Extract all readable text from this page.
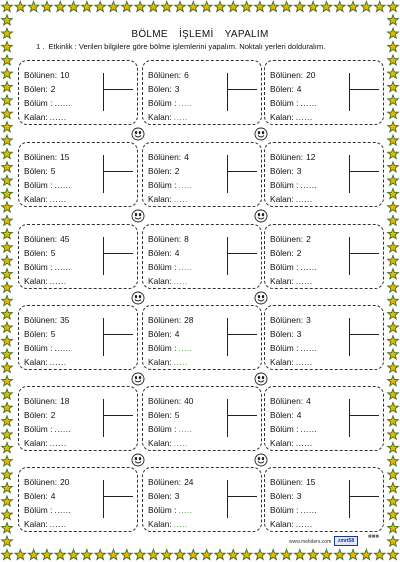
BÖLME İŞLEMİ YAPALIM
1 . Etkinlik : Verilen bilgilere göre bölme işlemlerini yapalım. Noktalı yerleri dolduralım.
Bölünen: 10
Bölen: 2
Bölüm : ......
Kalan: ......
Bölünen: 6
Bölen: 3
Bölüm : .....
Kalan: .....
Bölünen: 20
Bölen: 4
Bölüm : ......
Kalan: ......
Bölünen: 15
Bölen: 5
Bölüm : ......
Kalan: ......
Bölünen: 4
Bölen: 2
Bölüm : .....
Kalan: .....
Bölünen: 12
Bölen: 3
Bölüm : ......
Kalan: ......
Bölünen: 45
Bölen: 5
Bölüm : ......
Kalan: ......
Bölünen: 8
Bölen: 4
Bölüm : .....
Kalan: .....
Bölünen: 2
Bölen: 2
Bölüm : ......
Kalan: ......
Bölünen: 35
Bölen: 5
Bölüm : ......
Kalan: ......
Bölünen: 28
Bölen: 4
Bölüm : .....
Kalan: .....
Bölünen: 3
Bölen: 3
Bölüm : ......
Kalan: ......
Bölünen: 18
Bölen: 2
Bölüm : ......
Kalan: ......
Bölünen: 40
Bölen: 5
Bölüm : .....
Kalan: .....
Bölünen: 4
Bölen: 4
Bölüm : ......
Kalan: ......
Bölünen: 20
Bölen: 4
Bölüm : ......
Kalan: ......
Bölünen: 24
Bölen: 3
Bölüm : .....
Kalan: .....
Bölünen: 15
Bölen: 3
Bölüm : ......
Kalan: ......
www.mebders.com	zmrt58
■■■
